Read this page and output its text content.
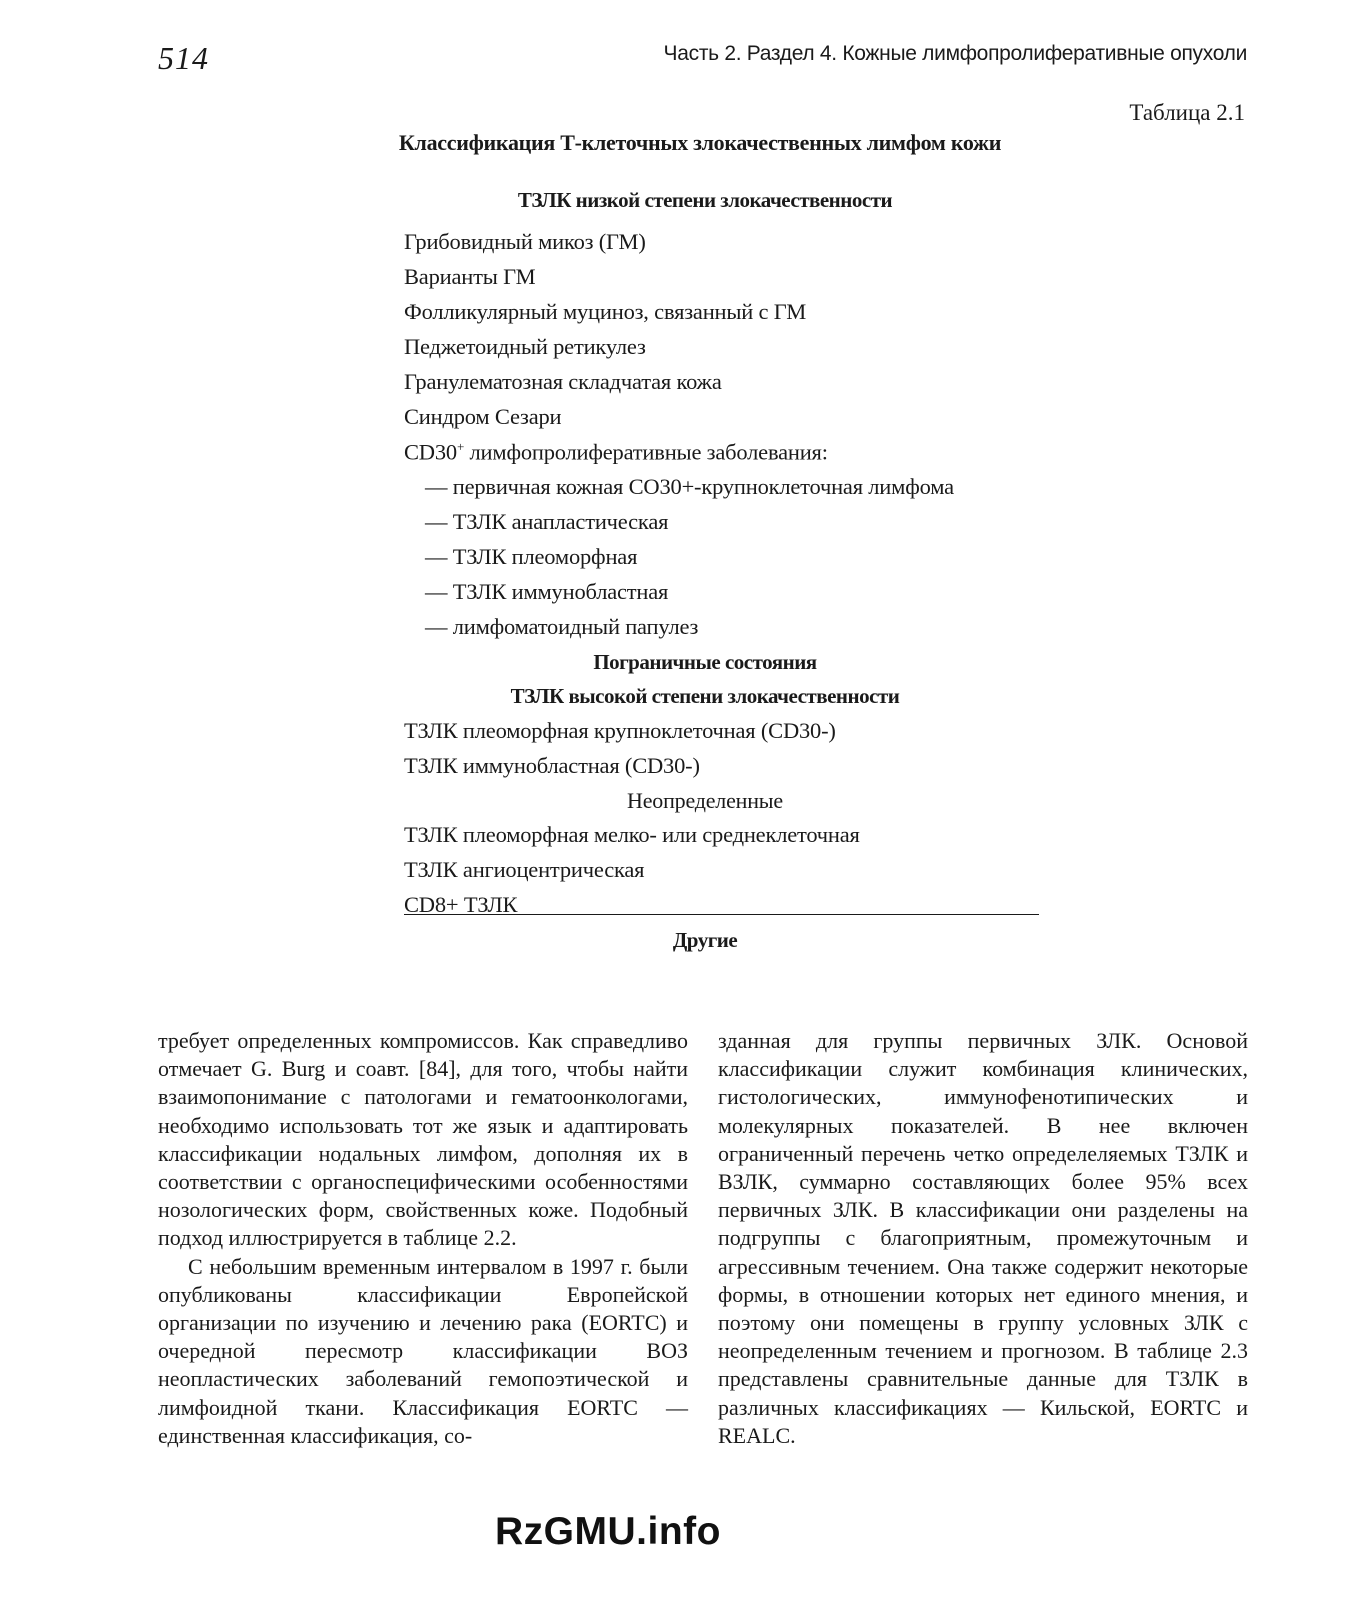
514	Часть 2. Раздел 4. Кожные лимфопролиферативные опухоли
Таблица 2.1
Классификация Т-клеточных злокачественных лимфом кожи
ТЗЛК низкой степени злокачественности
Грибовидный микоз (ГМ)
Варианты ГМ
Фолликулярный муциноз, связанный с ГМ
Педжетоидный ретикулез
Гранулематозная складчатая кожа
Синдром Сезари
CD30+ лимфопролиферативные заболевания:
— первичная кожная CO30+-крупноклеточная лимфома
— ТЗЛК анапластическая
— ТЗЛК плеоморфная
— ТЗЛК иммунобластная
— лимфоматоидный папулез
Пограничные состояния
ТЗЛК высокой степени злокачественности
ТЗЛК плеоморфная крупноклеточная (CD30-)
ТЗЛК иммунобластная (CD30-)
Неопределенные
ТЗЛК плеоморфная мелко- или среднеклеточная
ТЗЛК ангиоцентрическая
CD8+ ТЗЛК
Другие

требует определенных компромиссов. Как справедливо отмечает G. Burg и соавт. [84], для того, чтобы найти взаимопонимание с патологами и гематоонкологами, необходимо использовать тот же язык и адаптировать классификации нодальных лимфом, дополняя их в соответствии с органоспецифическими особенностями нозологических форм, свойственных коже. Подобный подход иллюстрируется в таблице 2.2.

С небольшим временным интервалом в 1997 г. были опубликованы классификации Европейской организации по изучению и лечению рака (EORTC) и очередной пересмотр классификации ВОЗ неопластических заболеваний гемопоэтической и лимфоидной ткани. Классификация EORTC — единственная классификация, со-

зданная для группы первичных ЗЛК. Основой классификации служит комбинация клинических, гистологических, иммунофенотипических и молекулярных показателей. В нее включен ограниченный перечень четко определеляемых ТЗЛК и ВЗЛК, суммарно составляющих более 95% всех первичных ЗЛК. В классификации они разделены на подгруппы с благоприятным, промежуточным и агрессивным течением. Она также содержит некоторые формы, в отношении которых нет единого мнения, и поэтому они помещены в группу условных ЗЛК с неопределенным течением и прогнозом. В таблице 2.3 представлены сравнительные данные для ТЗЛК в различных классификациях — Кильской, EORTC и REALC.

RzGMU.info
